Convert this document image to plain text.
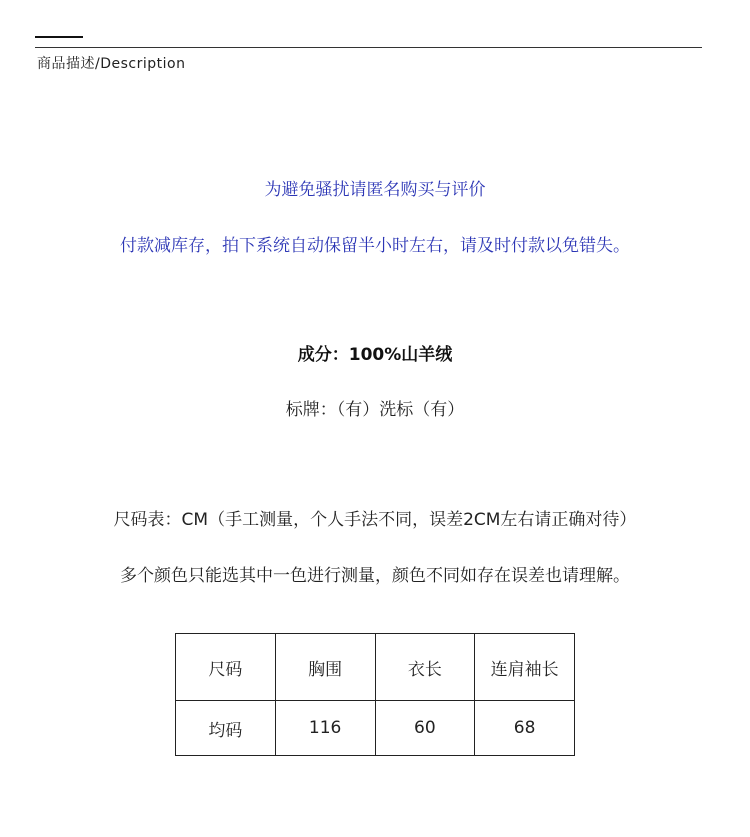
商品描述/Description
为避免骚扰请匿名购买与评价
付款减库存，拍下系统自动保留半小时左右，请及时付款以免错失。
成分：100%山羊绒
标牌：（有）洗标（有）
尺码表：CM（手工测量，个人手法不同，误差2CM左右请正确对待）
多个颜色只能选其中一色进行测量，颜色不同如存在误差也请理解。
尺码	胸围	衣长	连肩袖长
均码	116	60	68
